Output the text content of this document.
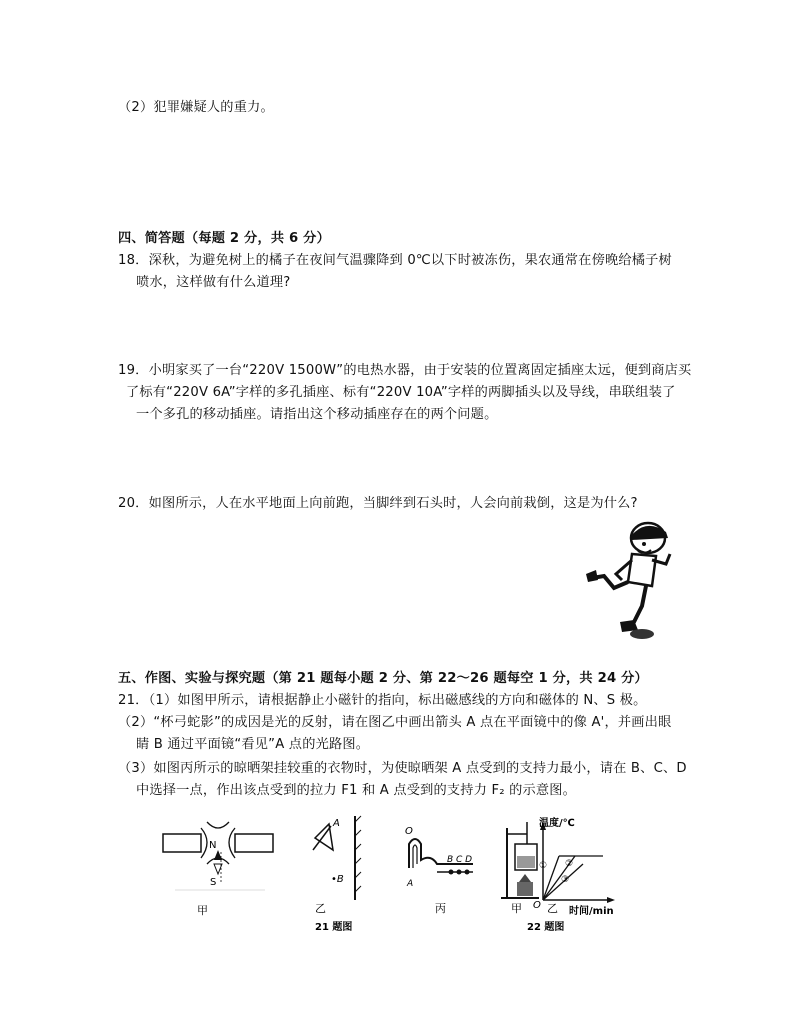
（2）犯罪嫌疑人的重力。
四、简答题（每题 2 分，共 6 分）
18．深秋，为避免树上的橘子在夜间气温骤降到 0℃以下时被冻伤，果农通常在傍晚给橘子树
喷水，这样做有什么道理?
19．小明家买了一台“220V 1500W”的电热水器，由于安装的位置离固定插座太远，便到商店买
了标有“220V 6A”字样的多孔插座、标有“220V 10A”字样的两脚插头以及导线，串联组装了
一个多孔的移动插座。请指出这个移动插座存在的两个问题。
20．如图所示，人在水平地面上向前跑，当脚绊到石头时，人会向前栽倒，这是为什么?
五、作图、实验与探究题（第 21 题每小题 2 分、第 22～26 题每空 1 分，共 24 分）
21．（1）如图甲所示，请根据静止小磁针的指向，标出磁感线的方向和磁体的 N、S 极。
（2）“杯弓蛇影”的成因是光的反射，请在图乙中画出箭头 A 点在平面镜中的像 A'，并画出眼
睛 B 通过平面镜“看见”A 点的光路图。
（3）如图丙所示的晾晒架挂较重的衣物时，为使晾晒架 A 点受到的支持力最小，请在 B、C、D
中选择一点，作出该点受到的拉力 F1 和 A 点受到的支持力 F₂ 的示意图。
N
S
甲
A
•B
乙
O
B C D
A
丙
21 题图
甲
温度/℃
时间/min
O
① ②
③
乙
22 题图
